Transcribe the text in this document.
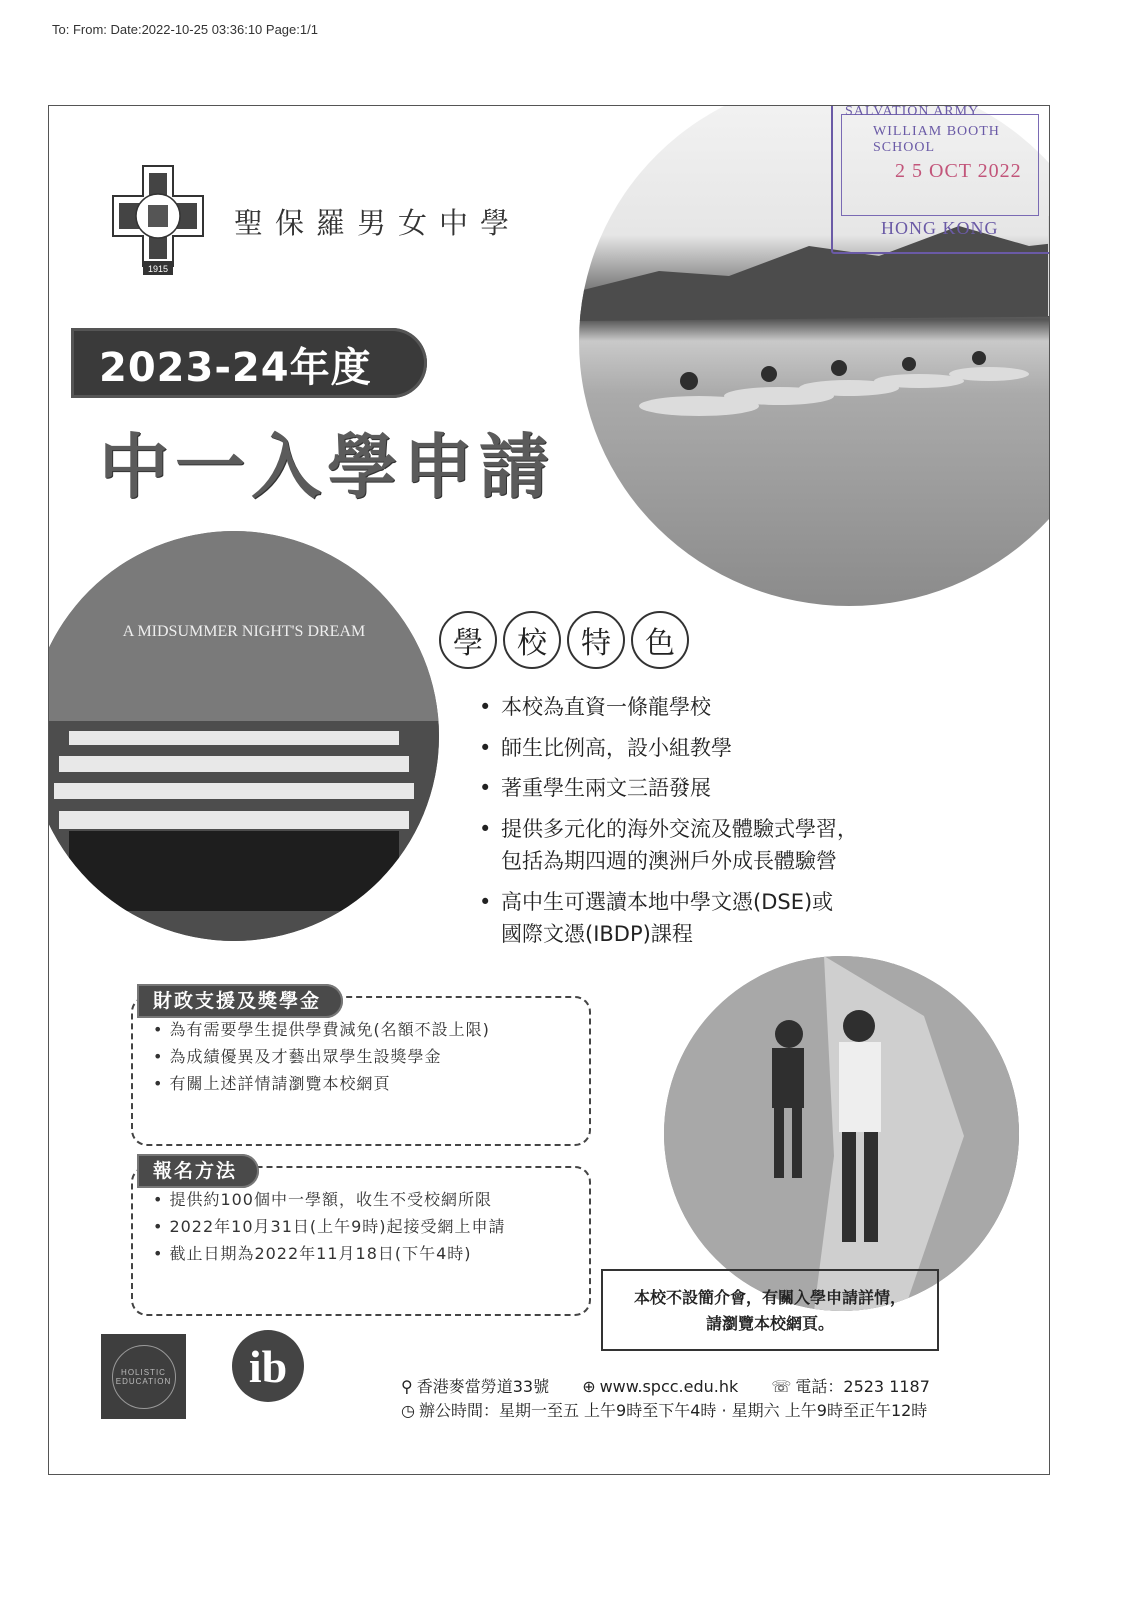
To: From: Date:2022-10-25 03:36:10 Page:1/1
1915
聖保羅男女中學
SALVATION ARMY
WILLIAM BOOTH SCHOOL
2 5 OCT 2022
HONG KONG
2023-24年度
中一入學申請
A MIDSUMMER NIGHT'S DREAM	學	校	特	色
• 本校為直資一條龍學校
• 師生比例高，設小組教學
• 著重學生兩文三語發展
• 提供多元化的海外交流及體驗式學習，
包括為期四週的澳洲戶外成長體驗營
• 高中生可選讀本地中學文憑(DSE)或
國際文憑(IBDP)課程
• 為有需要學生提供學費減免(名額不設上限)
• 為成績優異及才藝出眾學生設獎學金
• 有關上述詳情請瀏覽本校網頁
財政支援及獎學金
• 提供約100個中一學額，收生不受校網所限
• 2022年10月31日(上午9時)起接受網上申請
• 截止日期為2022年11月18日(下午4時)
報名方法
本校不設簡介會，有關入學申請詳情，
請瀏覽本校網頁。
HOLISTIC
EDUCATION	ib	⚲ 香港麥當勞道33號 ⊕ www.spcc.edu.hk ☏ 電話：2523 1187
◷ 辦公時間：星期一至五 上午9時至下午4時 · 星期六 上午9時至正午12時
